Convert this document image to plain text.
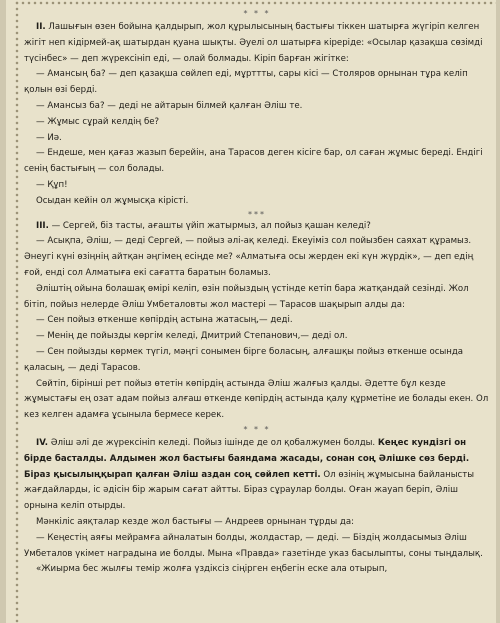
* * *

II. Лашығын өзен бойына қалдырып, жол құрылысының бастығы тіккен шатырға жүгіріп келген жігіт неп кідірмей-ақ шатырдан қуана шықты. Әуелі ол шатырға кіреріде: «Осылар қазақша сөзімді түсінбес» — деп жүрексініп еді, — олай болмады. Кіріп барған жігітке:

— Амансың ба? — деп қазақша сөйлеп еді, мұрттты, сары кісі — Столяров орнынан тұра келіп қолын өзі берді.

— Амансыз ба? — деді не айтарын білмей қалған Әліш те.

— Жұмыс сұрай келдің бе?

— Иә.

— Ендеше, мен қағаз жазып берейін, ана Тарасов деген кісіге бар, ол саған жұмыс береді. Ендігі сенің бастығың — сол болады.

— Құп!

Осыдан кейін ол жұмысқа кірісті.

***

III. — Сергей, біз тасты, ағашты үйіп жатырмыз, ал пойыз қашан келеді?

— Асықпа, Әліш, — деді Сергей, — пойыз әлі-ақ келеді. Екеуіміз сол пойызбен саяхат құрамыз. Әнеугі күні өзіңнің айтқан әңгімең есіңде ме? «Алматыға осы жерден екі күн жүрдік», — деп едің ғой, енді сол Алматыға екі сағатта баратын боламыз.

Әліштің ойына болашақ өмірі келіп, өзін пойыздың үстінде кетіп бара жатқандай сезінді. Жол бітіп, пойыз нелерде Әліш Умбеталовты жол мастері — Тарасов шақырып алды да:

— Сен пойыз өткенше көпірдің астына жатасың,— деді.

— Менің де пойызды көргім келеді, Дмитрий Степанович,— деді ол.

— Сен пойызды көрмек түгіл, мәңгі сонымен бірге боласың, алғашқы пойыз өткенше осында қаласың, — деді Тарасов.

Сөйтіп, бірінші рет пойыз өтетін көпірдің астында Әліш жалғыз қалды. Әдетте бұл кезде жұмыстағы ең озат адам пойыз алғаш өткенде көпірдің астында қалу құрметіне ие болады екен. Ол кез келген адамға ұсыныла бермесе керек.

* * *

IV. Әліш әлі де жүрексініп келеді. Пойыз ішінде де ол қобалжумен болды. Кеңес кундізгі он бірде басталды. Алдымен жол бастығы баяндама жасады, сонан соң Әлішке сөз берді. Біраз қысылыңқырап қалған Әліш аздан соң сөйлеп кетті. Ол өзінің жұмысына байланысты жағдайларды, іс әдісін бір жарым сағат айтты. Біраз сұраулар болды. Оған жауап беріп, Әліш орнына келіп отырды.

Мәнкіліс аяқталар кезде жол бастығы — Андреев орнынан тұрды да:

— Кеңестің аяғы мейрамға айналатын болды, жолдастар, — деді. — Біздің жолдасымыз Әліш Умбеталов үкімет наградына ие болды. Мына «Правда» газетінде указ басылыпты, соны тыңдалық.

«Жиырма бес жылғы темір жолға үздіксіз сіңірген еңбегін еске ала отырып,
